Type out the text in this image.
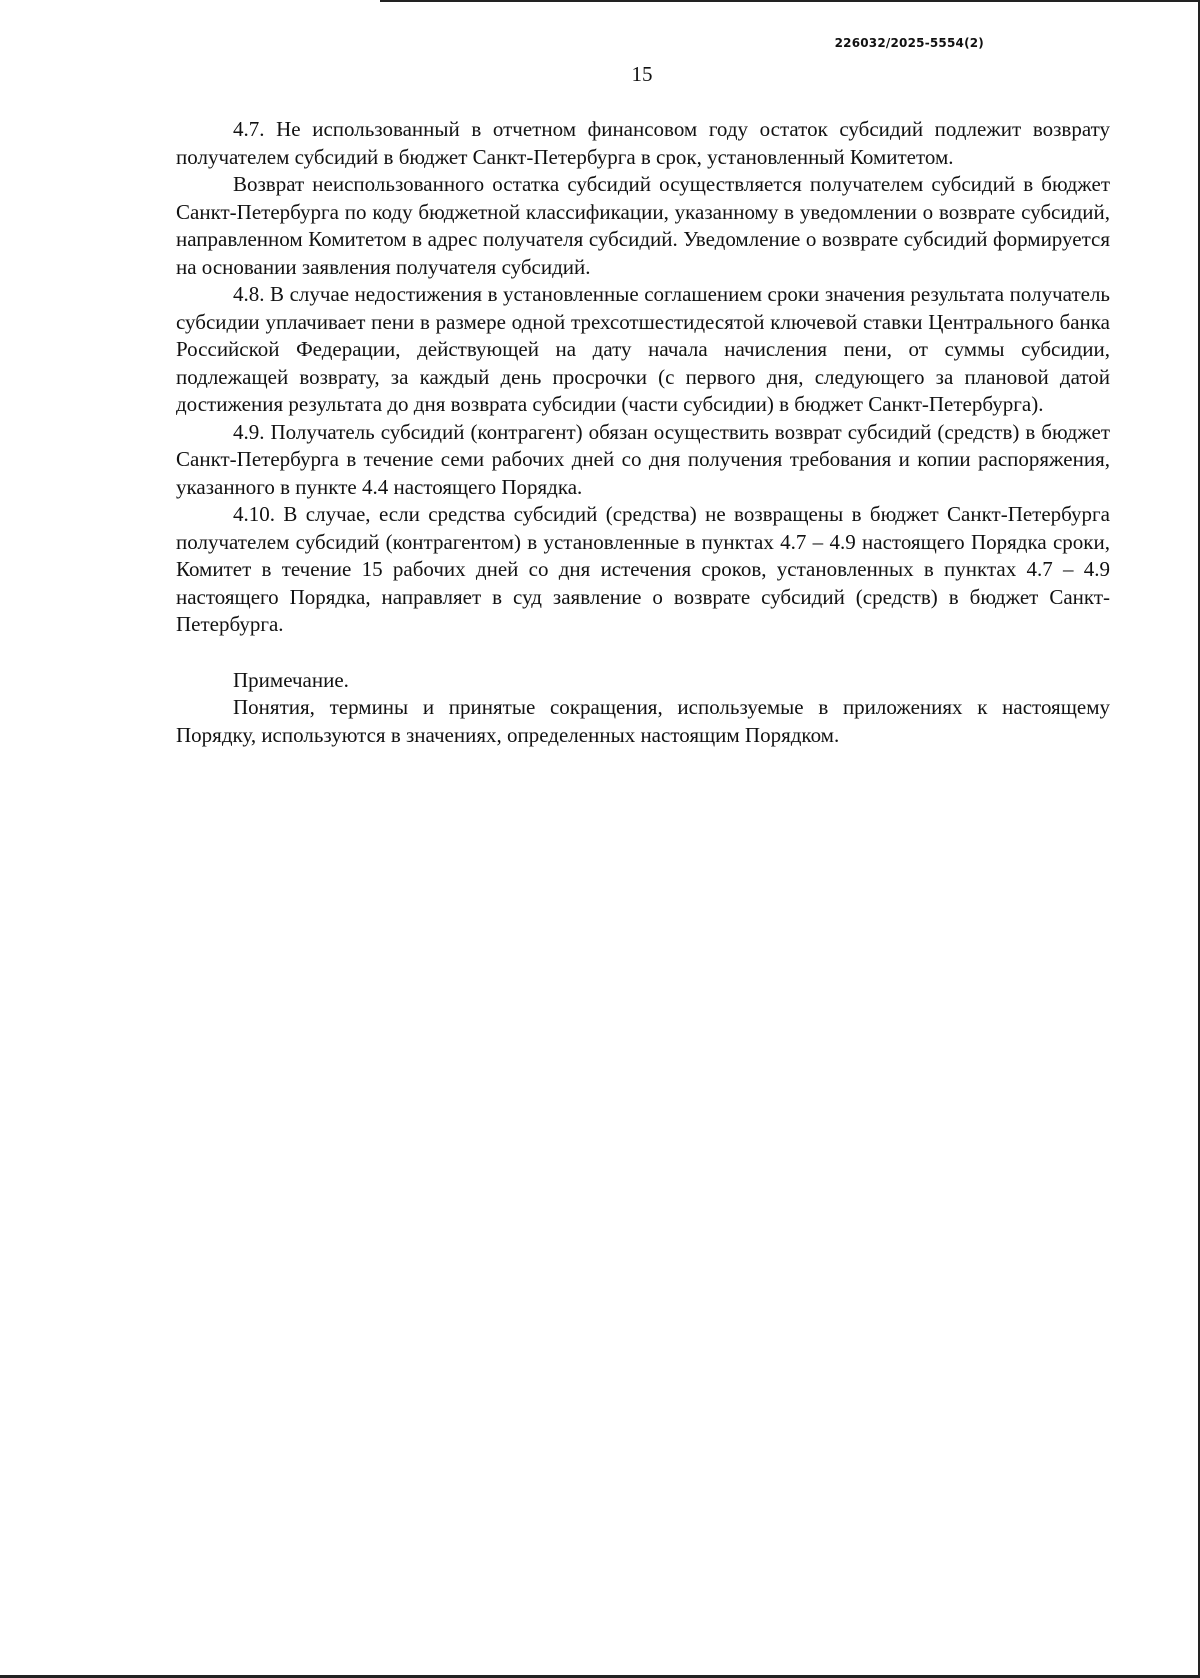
226032/2025-5554(2)
15

4.7. Не использованный в отчетном финансовом году остаток субсидий подлежит возврату получателем субсидий в бюджет Санкт-Петербурга в срок, установленный Комитетом.

Возврат неиспользованного остатка субсидий осуществляется получателем субсидий в бюджет Санкт-Петербурга по коду бюджетной классификации, указанному в уведомлении о возврате субсидий, направленном Комитетом в адрес получателя субсидий. Уведомление о возврате субсидий формируется на основании заявления получателя субсидий.

4.8. В случае недостижения в установленные соглашением сроки значения результата получатель субсидии уплачивает пени в размере одной трехсотшестидесятой ключевой ставки Центрального банка Российской Федерации, действующей на дату начала начисления пени, от суммы субсидии, подлежащей возврату, за каждый день просрочки (с первого дня, следующего за плановой датой достижения результата до дня возврата субсидии (части субсидии) в бюджет Санкт-Петербурга).

4.9. Получатель субсидий (контрагент) обязан осуществить возврат субсидий (средств) в бюджет Санкт-Петербурга в течение семи рабочих дней со дня получения требования и копии распоряжения, указанного в пункте 4.4 настоящего Порядка.

4.10. В случае, если средства субсидий (средства) не возвращены в бюджет Санкт-Петербурга получателем субсидий (контрагентом) в установленные в пунктах 4.7 – 4.9 настоящего Порядка сроки, Комитет в течение 15 рабочих дней со дня истечения сроков, установленных в пунктах 4.7 – 4.9 настоящего Порядка, направляет в суд заявление о возврате субсидий (средств) в бюджет Санкт-Петербурга.

Примечание.

Понятия, термины и принятые сокращения, используемые в приложениях к настоящему Порядку, используются в значениях, определенных настоящим Порядком.
